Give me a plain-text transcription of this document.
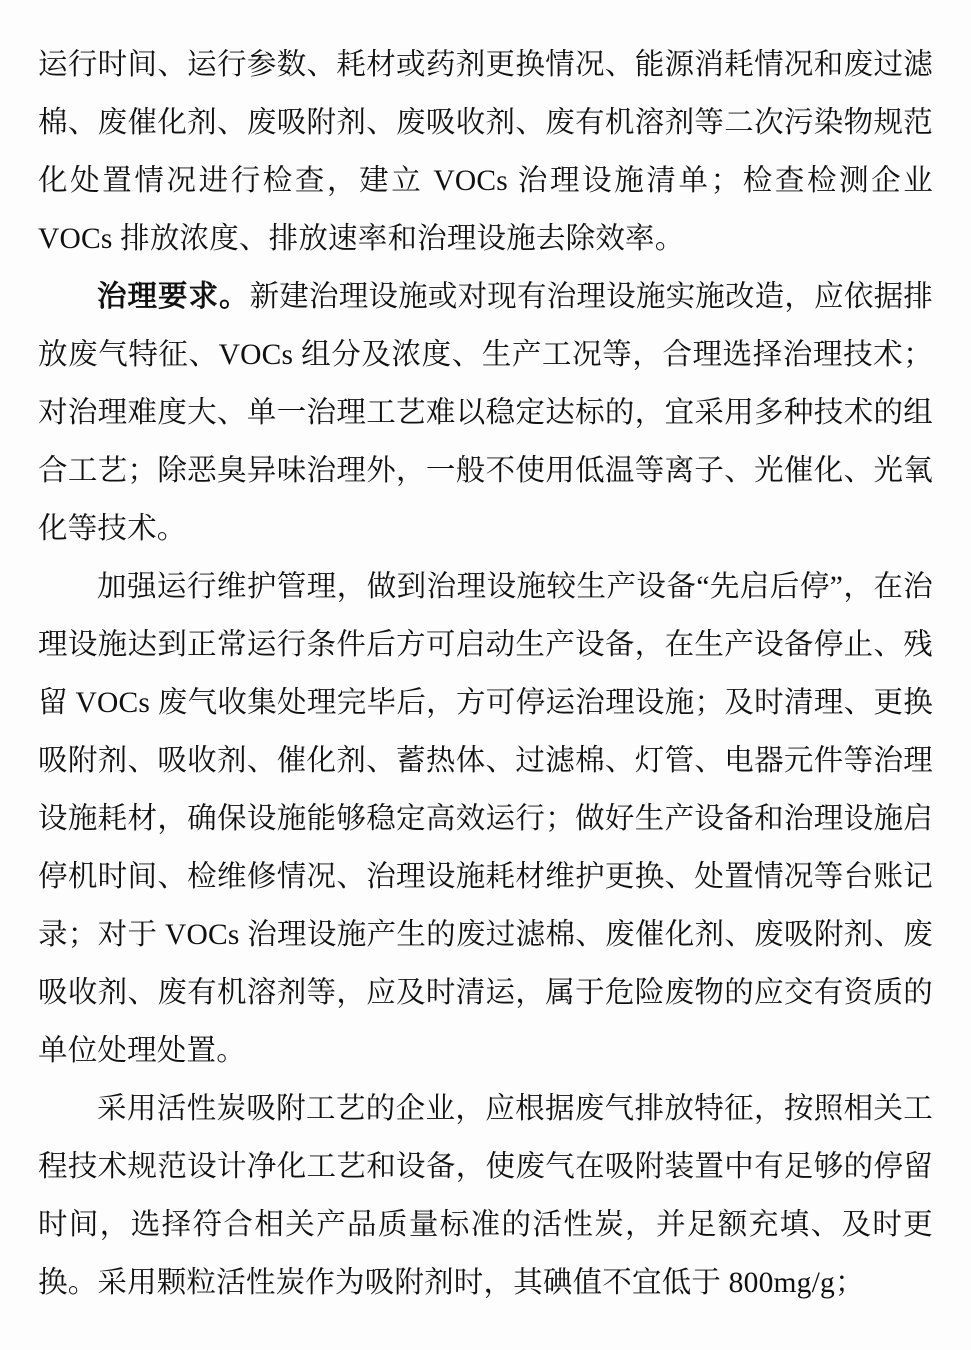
运行时间、运行参数、耗材或药剂更换情况、能源消耗情况和废过滤棉、废催化剂、废吸附剂、废吸收剂、废有机溶剂等二次污染物规范化处置情况进行检查，建立 VOCs 治理设施清单；检查检测企业 VOCs 排放浓度、排放速率和治理设施去除效率。

治理要求。新建治理设施或对现有治理设施实施改造，应依据排放废气特征、VOCs 组分及浓度、生产工况等，合理选择治理技术；对治理难度大、单一治理工艺难以稳定达标的，宜采用多种技术的组合工艺；除恶臭异味治理外，一般不使用低温等离子、光催化、光氧化等技术。

加强运行维护管理，做到治理设施较生产设备“先启后停”，在治理设施达到正常运行条件后方可启动生产设备，在生产设备停止、残留 VOCs 废气收集处理完毕后，方可停运治理设施；及时清理、更换吸附剂、吸收剂、催化剂、蓄热体、过滤棉、灯管、电器元件等治理设施耗材，确保设施能够稳定高效运行；做好生产设备和治理设施启停机时间、检维修情况、治理设施耗材维护更换、处置情况等台账记录；对于 VOCs 治理设施产生的废过滤棉、废催化剂、废吸附剂、废吸收剂、废有机溶剂等，应及时清运，属于危险废物的应交有资质的单位处理处置。

采用活性炭吸附工艺的企业，应根据废气排放特征，按照相关工程技术规范设计净化工艺和设备，使废气在吸附装置中有足够的停留时间，选择符合相关产品质量标准的活性炭，并足额充填、及时更换。采用颗粒活性炭作为吸附剂时，其碘值不宜低于 800mg/g；
